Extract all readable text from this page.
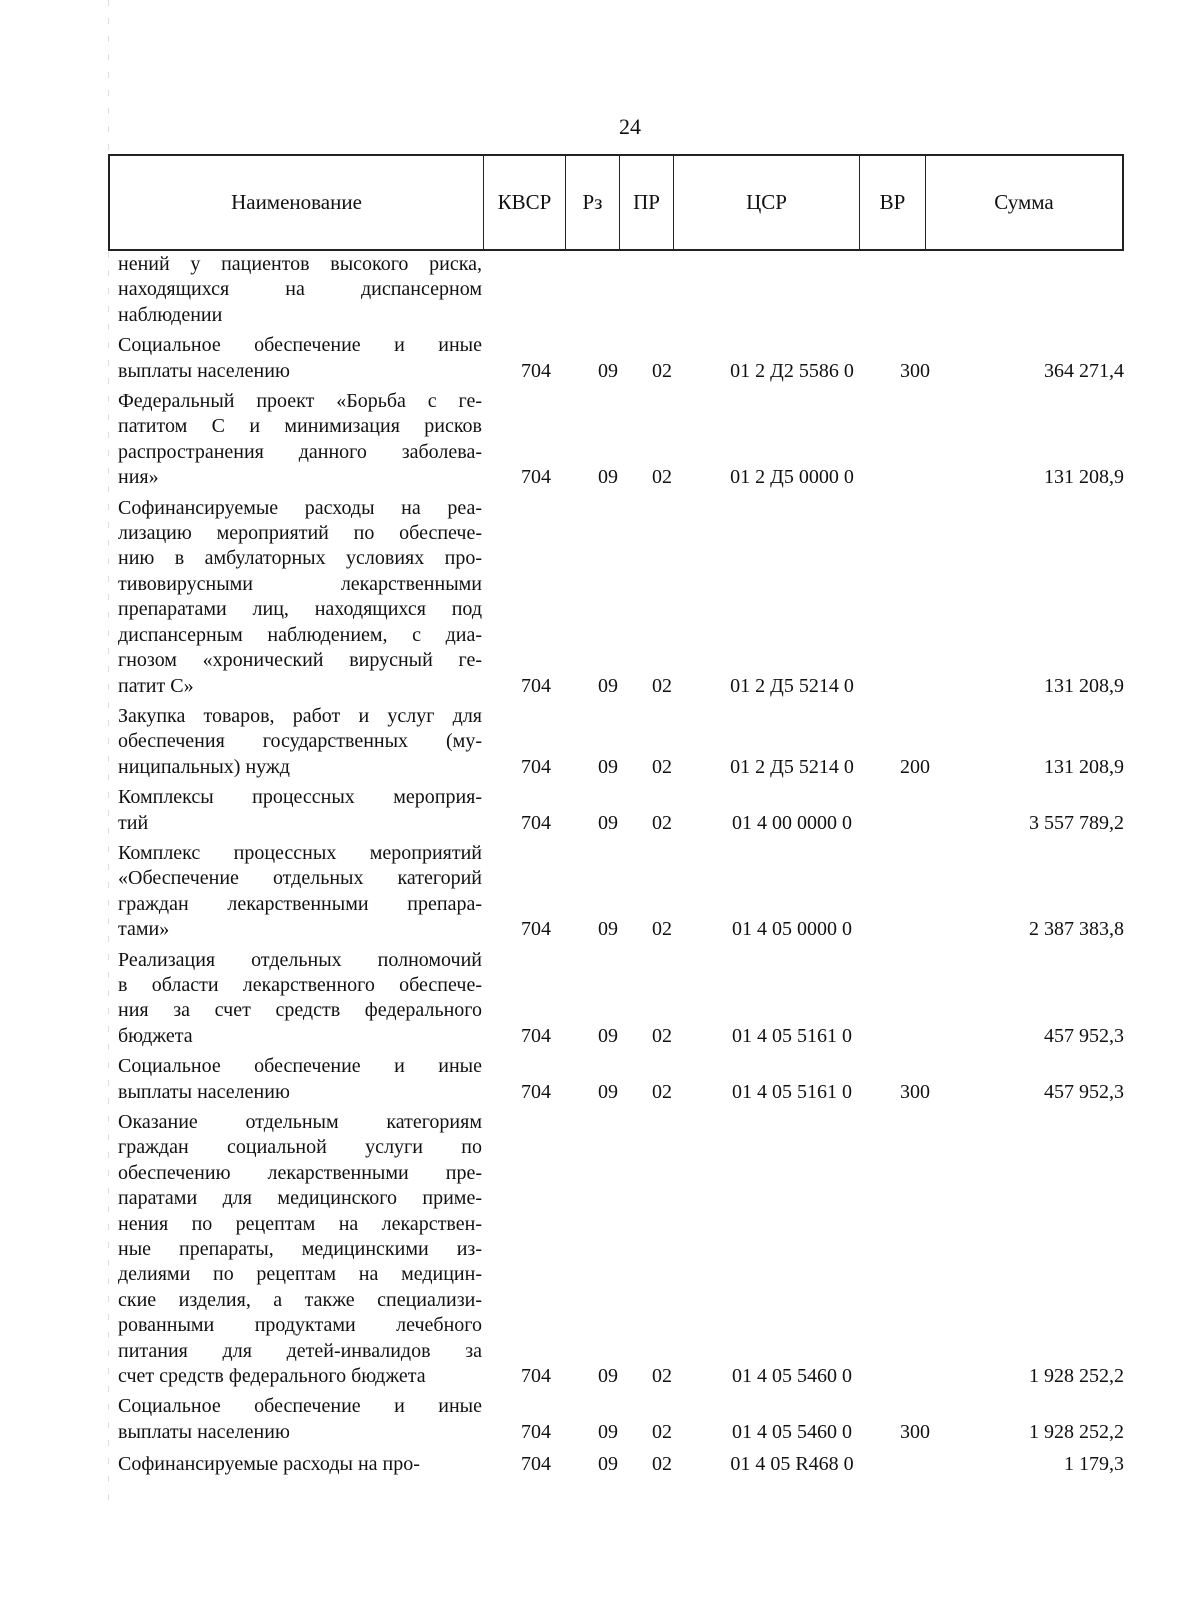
24
Наименование	КВСР	Рз	ПР	ЦСР	ВР	Сумма
нений у пациентов высокого риска,
находящихся на диспансерном
наблюдении
Социальное обеспечение и иные
выплаты населению	704	09	02	01 2 Д2 5586 0	300	364 271,4
Федеральный проект «Борьба с ге-
патитом С и минимизация рисков
распространения данного заболева-
ния»	704	09	02	01 2 Д5 0000 0	131 208,9
Софинансируемые расходы на реа-
лизацию мероприятий по обеспече-
нию в амбулаторных условиях про-
тивовирусными лекарственными
препаратами лиц, находящихся под
диспансерным наблюдением, с диа-
гнозом «хронический вирусный ге-
патит С»	704	09	02	01 2 Д5 5214 0	131 208,9
Закупка товаров, работ и услуг для
обеспечения государственных (му-
ниципальных) нужд	704	09	02	01 2 Д5 5214 0	200	131 208,9
Комплексы процессных мероприя-
тий	704	09	02	01 4 00 0000 0	3 557 789,2
Комплекс процессных мероприятий
«Обеспечение отдельных категорий
граждан лекарственными препара-
тами»	704	09	02	01 4 05 0000 0	2 387 383,8
Реализация отдельных полномочий
в области лекарственного обеспече-
ния за счет средств федерального
бюджета	704	09	02	01 4 05 5161 0	457 952,3
Социальное обеспечение и иные
выплаты населению	704	09	02	01 4 05 5161 0	300	457 952,3
Оказание отдельным категориям
граждан социальной услуги по
обеспечению лекарственными пре-
паратами для медицинского приме-
нения по рецептам на лекарствен-
ные препараты, медицинскими из-
делиями по рецептам на медицин-
ские изделия, а также специализи-
рованными продуктами лечебного
питания для детей-инвалидов за
счет средств федерального бюджета	704	09	02	01 4 05 5460 0	1 928 252,2
Социальное обеспечение и иные
выплаты населению	704	09	02	01 4 05 5460 0	300	1 928 252,2
Софинансируемые расходы на про-	704	09	02	01 4 05 R468 0	1 179,3
